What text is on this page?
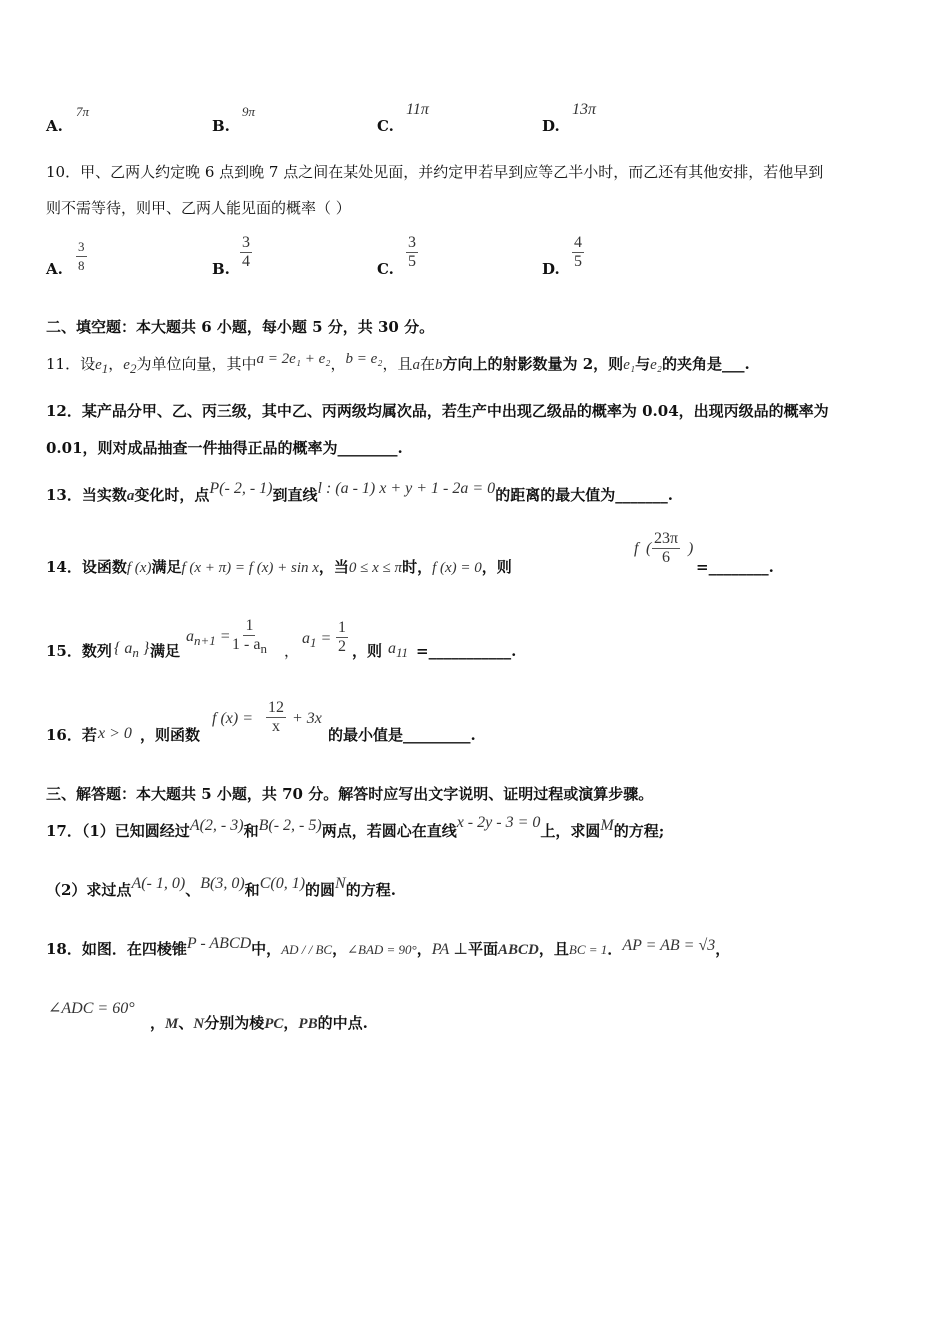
A.
7π
B.
9π
C.
11π
D.
13π
10．甲、乙两人约定晚 6 点到晚 7 点之间在某处见面，并约定甲若早到应等乙半小时，而乙还有其他安排，若他早到
则不需等待，则甲、乙两人能见面的概率（ ）
A. $\frac{3}{8}$	B. $\frac{3}{4}$	C. $\frac{3}{5}$	D. $\frac{4}{5}$
二、填空题：本大题共 6 小题，每小题 5 分，共 30 分。
11．设$e_1$，$e_2$为单位向量，其中a = 2e₁ + e₂，b = e₂，且a在b方向上的射影数量为 2，则e₁与e₂的夹角是___.
12．某产品分甲、乙、丙三级，其中乙、丙两级均属次品，若生产中出现乙级品的概率为 0.04，出现丙级品的概率为
0.01，则对成品抽查一件抽得正品的概率为________.
13．当实数a变化时，点P(- 2, - 1)到直线l : (a - 1) x + y + 1 - 2a = 0的距离的最大值为_______.
14．设函数f (x)满足f (x + π) = f (x) + sin x，当0 ≤ x ≤ π时，f (x) = 0，则
f ( $\frac{23\pi}{6}$ )
=________.
15．数列 { $a_n$ } 满足
$a_{n+1} = \frac{1}{1 - a_n}$ ，
$a_1 = \frac{1}{2}$ ，则 $a_{11}$ =___________.
16．若 x > 0 ，则函数
f $(x) = \frac{12}{x} + 3x$
的最小值是_________.
三、解答题：本大题共 5 小题，共 70 分。解答时应写出文字说明、证明过程或演算步骤。
17．（1）已知圆经过A(2, - 3)和B(- 2, - 5)两点，若圆心在直线x - 2y - 3 = 0上，求圆M的方程;
（2）求过点A(- 1, 0)、B(3, 0)和C(0, 1)的圆N的方程.
18．如图．在四棱锥P - ABCD中，AD / / BC，∠BAD = 90°，PA ⊥平面ABCD，且BC = 1．AP = AB = √3，
∠ADC = 60°
，M、N分别为棱PC，PB的中点.
